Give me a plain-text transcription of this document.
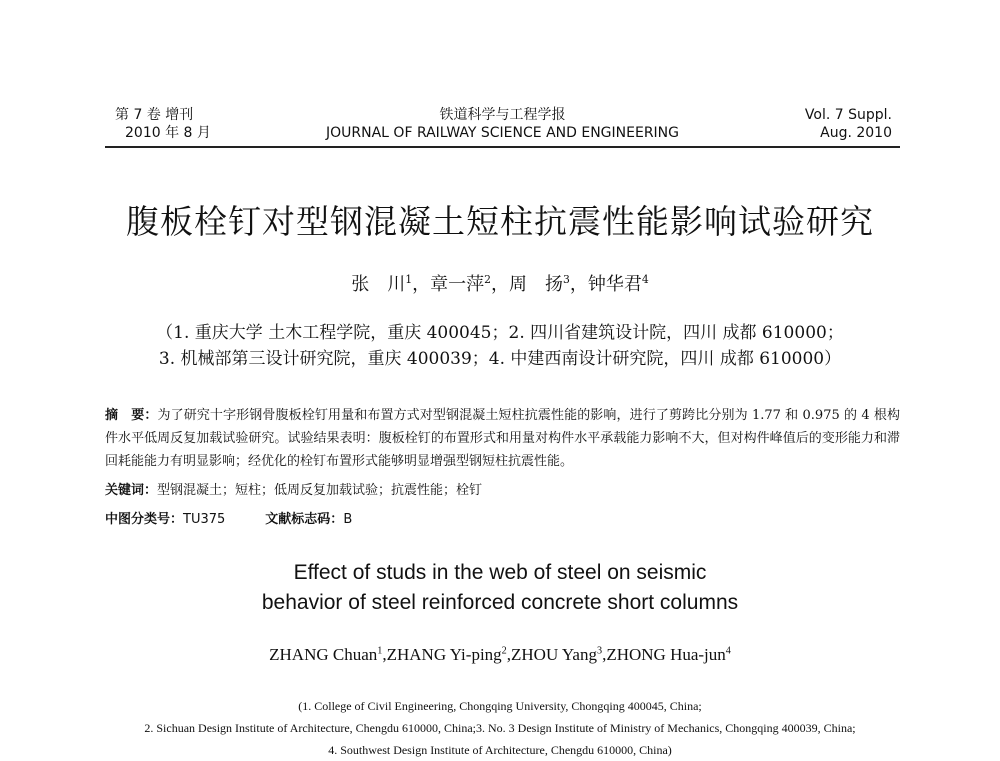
第 7 卷 增刊
2010 年 8 月
铁道科学与工程学报
JOURNAL OF RAILWAY SCIENCE AND ENGINEERING
Vol. 7 Suppl.
Aug. 2010
腹板栓钉对型钢混凝土短柱抗震性能影响试验研究
张　川$^1$，章一萍$^2$，周　扬$^3$，钟华君$^4$
（1. 重庆大学 土木工程学院，重庆 400045；2. 四川省建筑设计院，四川 成都 610000；
3. 机械部第三设计研究院，重庆 400039；4. 中建西南设计研究院，四川 成都 610000）
摘　要：为了研究十字形钢骨腹板栓钉用量和布置方式对型钢混凝土短柱抗震性能的影响，进行了剪跨比分别为 1.77 和 0.975 的 4 根构件水平低周反复加载试验研究。试验结果表明：腹板栓钉的布置形式和用量对构件水平承载能力影响不大，但对构件峰值后的变形能力和滞回耗能能力有明显影响；经优化的栓钉布置形式能够明显增强型钢短柱抗震性能。
关键词：型钢混凝土；短柱；低周反复加载试验；抗震性能；栓钉
中图分类号：TU375	文献标志码：B
Effect of studs in the web of steel on seismic
behavior of steel reinforced concrete short columns
ZHANG Chuan$^1$,ZHANG Yi-ping$^2$,ZHOU Yang$^3$,ZHONG Hua-jun$^4$
(1. College of Civil Engineering, Chongqing University, Chongqing 400045, China;
2. Sichuan Design Institute of Architecture, Chengdu 610000, China;3. No. 3 Design Institute of Ministry of Mechanics, Chongqing 400039, China;
4. Southwest Design Institute of Architecture, Chengdu 610000, China)
